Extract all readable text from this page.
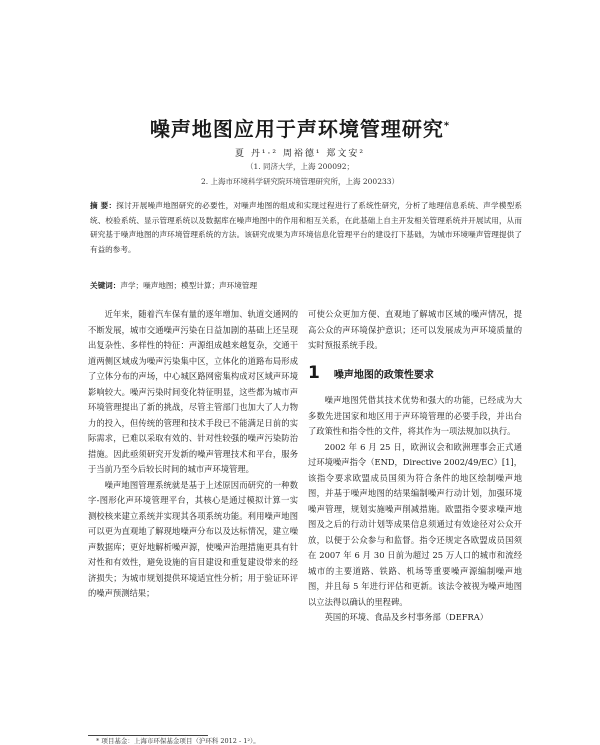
噪声地图应用于声环境管理研究*
夏 丹¹·² 周裕德¹ 郑文安²
（1. 同济大学，上海 200092；
2. 上海市环境科学研究院环境管理研究所，上海 200233）
摘 要：探讨开展噪声地图研究的必要性，对噪声地图的组成和实现过程进行了系统性研究，分析了地理信息系统、声学模型系统、校验系统、显示管理系统以及数据库在噪声地图中的作用和相互关系，在此基础上自主开发相关管理系统并开展试用，从而研究基于噪声地图的声环境管理系统的方法。该研究成果为声环境信息化管理平台的建设打下基础，为城市环境噪声管理提供了有益的参考。
关键词：声学；噪声地图；模型计算；声环境管理

近年来，随着汽车保有量的逐年增加、轨道交通网的不断发展，城市交通噪声污染在日益加剧的基础上还呈现出复杂性、多样性的特征：声源组成越来越复杂，交通干道两侧区域成为噪声污染集中区，立体化的道路布局形成了立体分布的声场，中心城区路网密集构成对区域声环境影响较大。噪声污染时间变化特征明显，这些都为城市声环境管理提出了新的挑战，尽管主管部门也加大了人力物力的投入，但传统的管理和技术手段已不能满足日前的实际需求，已难以采取有效的、针对性较强的噪声污染防治措施。因此亟须研究开发新的噪声管理技术和平台，服务于当前乃至今后较长时间的城市声环境管理。

噪声地图管理系统就是基于上述原因而研究的一种数字-图形化声环境管理平台，其核心是通过模拟计算一实测校核来建立系统并实现其各项系统功能。利用噪声地图可以更为直观地了解现地噪声分布以及达标情况，建立噪声数据库；更好地解析噪声源，使噪声治理措施更具有针对性和有效性，避免设施的盲目建设和重复建设带来的经济损失；为城市规划提供环境适宜性分析；用于验证环评的噪声预测结果；

可使公众更加方便、直观地了解城市区域的噪声情况，提高公众的声环境保护意识；还可以发展成为声环境质量的实时预报系统手段。

1 噪声地图的政策性要求

噪声地图凭借其技术优势和强大的功能，已经成为大多数先进国家和地区用于声环境管理的必要手段，并出台了政策性和指令性的文件，将其作为一项法规加以执行。

2002 年 6 月 25 日，欧洲议会和欧洲理事会正式通过环境噪声指令（END，Directive 2002/49/EC）[1]，该指令要求欧盟成员国须为符合条件的地区绘制噪声地图，并基于噪声地图的结果编制噪声行动计划，加强环境噪声管理，规划实施噪声削减措施。欧盟指令要求噪声地图及之后的行动计划等成果信息须通过有效途径对公众开放，以便于公众参与和监督。指令还规定各欧盟成员国须在 2007 年 6 月 30 日前为超过 25 万人口的城市和流经城市的主要道路、铁路、机场等重要噪声源编制噪声地图，并且每 5 年进行评估和更新。该法令被视为噪声地图以立法得以确认的里程碑。

英国的环境、食品及乡村事务部（DEFRA）

* 项目基金：上海市环保基金项目（沪环科 2012 - 1²）。
